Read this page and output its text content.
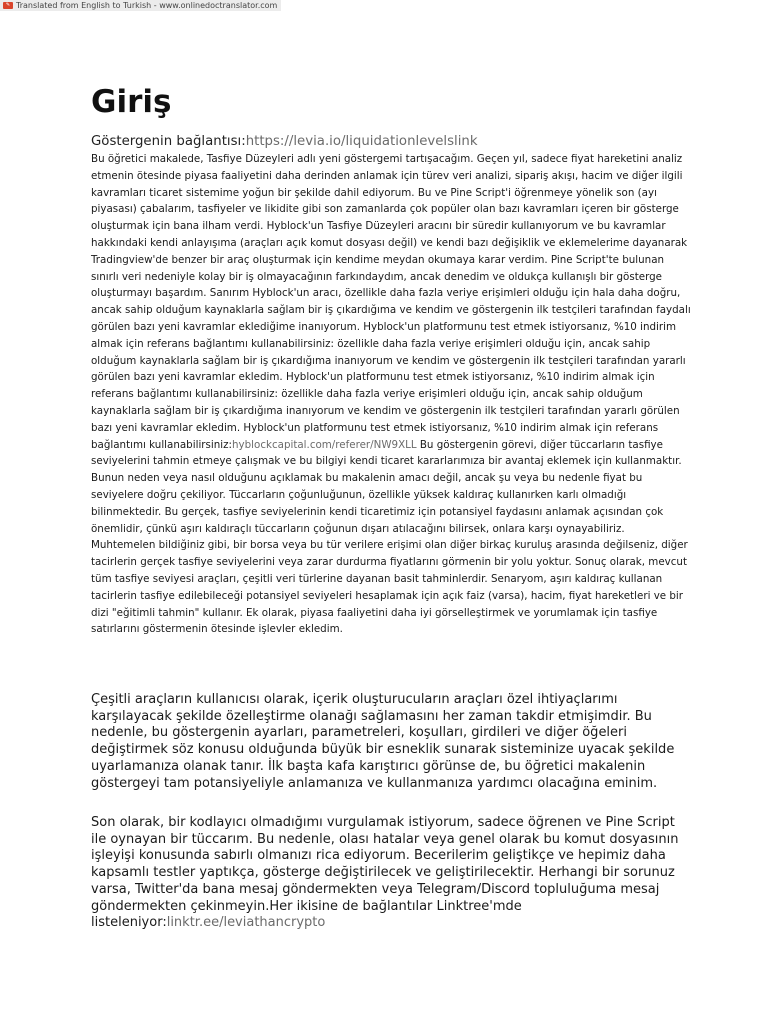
✎ Translated from English to Turkish - www.onlinedoctranslator.com
Giriş
Göstergenin bağlantısı:https://levia.io/liquidationlevelslink

Bu öğretici makalede, Tasfiye Düzeyleri adlı yeni göstergemi tartışacağım. Geçen yıl, sadece fiyat hareketini analiz etmenin ötesinde piyasa faaliyetini daha derinden anlamak için türev veri analizi, sipariş akışı, hacim ve diğer ilgili kavramları ticaret sistemime yoğun bir şekilde dahil ediyorum. Bu ve Pine Script'i öğrenmeye yönelik son (ayı piyasası) çabalarım, tasfiyeler ve likidite gibi son zamanlarda çok popüler olan bazı kavramları içeren bir gösterge oluşturmak için bana ilham verdi. Hyblock'un Tasfiye Düzeyleri aracını bir süredir kullanıyorum ve bu kavramlar hakkındaki kendi anlayışıma (araçları açık komut dosyası değil) ve kendi bazı değişiklik ve eklemelerime dayanarak Tradingview'de benzer bir araç oluşturmak için kendime meydan okumaya karar verdim. Pine Script'te bulunan sınırlı veri nedeniyle kolay bir iş olmayacağının farkındaydım, ancak denedim ve oldukça kullanışlı bir gösterge oluşturmayı başardım. Sanırım Hyblock'un aracı, özellikle daha fazla veriye erişimleri olduğu için hala daha doğru, ancak sahip olduğum kaynaklarla sağlam bir iş çıkardığıma ve kendim ve göstergenin ilk testçileri tarafından faydalı görülen bazı yeni kavramlar eklediğime inanıyorum. Hyblock'un platformunu test etmek istiyorsanız, %10 indirim almak için referans bağlantımı kullanabilirsiniz: özellikle daha fazla veriye erişimleri olduğu için, ancak sahip olduğum kaynaklarla sağlam bir iş çıkardığıma inanıyorum ve kendim ve göstergenin ilk testçileri tarafından yararlı görülen bazı yeni kavramlar ekledim. Hyblock'un platformunu test etmek istiyorsanız, %10 indirim almak için referans bağlantımı kullanabilirsiniz: özellikle daha fazla veriye erişimleri olduğu için, ancak sahip olduğum kaynaklarla sağlam bir iş çıkardığıma inanıyorum ve kendim ve göstergenin ilk testçileri tarafından yararlı görülen bazı yeni kavramlar ekledim. Hyblock'un platformunu test etmek istiyorsanız, %10 indirim almak için referans bağlantımı kullanabilirsiniz:hyblockcapital.com/referer/NW9XLL Bu göstergenin görevi, diğer tüccarların tasfiye seviyelerini tahmin etmeye çalışmak ve bu bilgiyi kendi ticaret kararlarımıza bir avantaj eklemek için kullanmaktır. Bunun neden veya nasıl olduğunu açıklamak bu makalenin amacı değil, ancak şu veya bu nedenle fiyat bu seviyelere doğru çekiliyor. Tüccarların çoğunluğunun, özellikle yüksek kaldıraç kullanırken karlı olmadığı bilinmektedir. Bu gerçek, tasfiye seviyelerinin kendi ticaretimiz için potansiyel faydasını anlamak açısından çok önemlidir, çünkü aşırı kaldıraçlı tüccarların çoğunun dışarı atılacağını bilirsek, onlara karşı oynayabiliriz. Muhtemelen bildiğiniz gibi, bir borsa veya bu tür verilere erişimi olan diğer birkaç kuruluş arasında değilseniz, diğer tacirlerin gerçek tasfiye seviyelerini veya zarar durdurma fiyatlarını görmenin bir yolu yoktur. Sonuç olarak, mevcut tüm tasfiye seviyesi araçları, çeşitli veri türlerine dayanan basit tahminlerdir. Senaryom, aşırı kaldıraç kullanan tacirlerin tasfiye edilebileceği potansiyel seviyeleri hesaplamak için açık faiz (varsa), hacim, fiyat hareketleri ve bir dizi "eğitimli tahmin" kullanır. Ek olarak, piyasa faaliyetini daha iyi görselleştirmek ve yorumlamak için tasfiye satırlarını göstermenin ötesinde işlevler ekledim.

Çeşitli araçların kullanıcısı olarak, içerik oluşturucuların araçları özel ihtiyaçlarımı karşılayacak şekilde özelleştirme olanağı sağlamasını her zaman takdir etmişimdir. Bu nedenle, bu göstergenin ayarları, parametreleri, koşulları, girdileri ve diğer öğeleri değiştirmek söz konusu olduğunda büyük bir esneklik sunarak sisteminize uyacak şekilde uyarlamanıza olanak tanır. İlk başta kafa karıştırıcı görünse de, bu öğretici makalenin göstergeyi tam potansiyeliyle anlamanıza ve kullanmanıza yardımcı olacağına eminim.

Son olarak, bir kodlayıcı olmadığımı vurgulamak istiyorum, sadece öğrenen ve Pine Script ile oynayan bir tüccarım. Bu nedenle, olası hatalar veya genel olarak bu komut dosyasının işleyişi konusunda sabırlı olmanızı rica ediyorum. Becerilerim geliştikçe ve hepimiz daha kapsamlı testler yaptıkça, gösterge değiştirilecek ve geliştirilecektir. Herhangi bir sorunuz varsa, Twitter'da bana mesaj göndermekten veya Telegram/Discord topluluğuma mesaj göndermekten çekinmeyin.Her ikisine de bağlantılar Linktree'mde listeleniyor:linktr.ee/leviathancrypto
